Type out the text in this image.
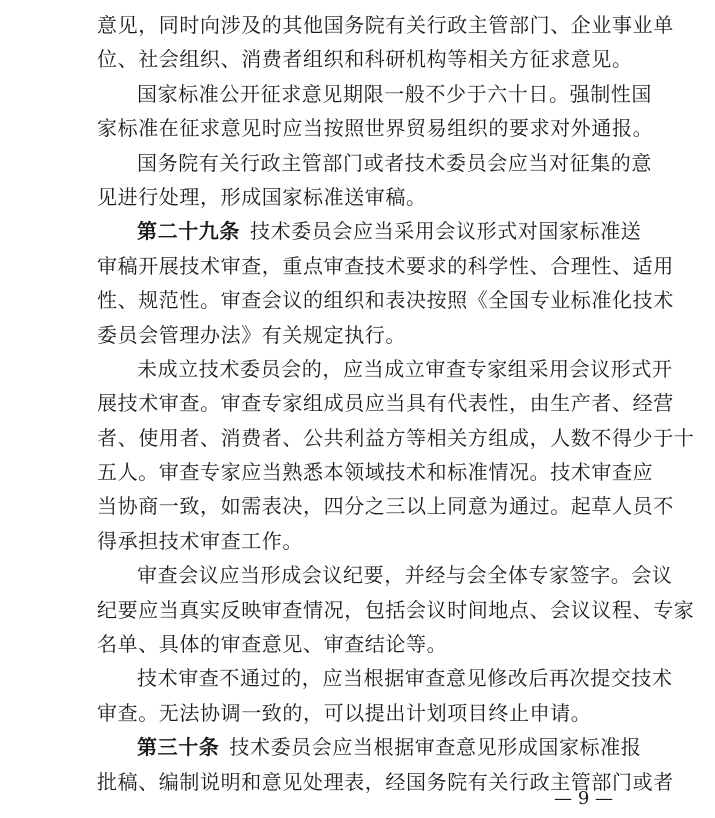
意见，同时向涉及的其他国务院有关行政主管部门、企业事业单
位、社会组织、消费者组织和科研机构等相关方征求意见。
国家标准公开征求意见期限一般不少于六十日。强制性国
家标准在征求意见时应当按照世界贸易组织的要求对外通报。
国务院有关行政主管部门或者技术委员会应当对征集的意
见进行处理，形成国家标准送审稿。
第二十九条 技术委员会应当采用会议形式对国家标准送
审稿开展技术审查，重点审查技术要求的科学性、合理性、适用
性、规范性。审查会议的组织和表决按照《全国专业标准化技术
委员会管理办法》有关规定执行。
未成立技术委员会的，应当成立审查专家组采用会议形式开
展技术审查。审查专家组成员应当具有代表性，由生产者、经营
者、使用者、消费者、公共利益方等相关方组成，人数不得少于十
五人。审查专家应当熟悉本领域技术和标准情况。技术审查应
当协商一致，如需表决，四分之三以上同意为通过。起草人员不
得承担技术审查工作。
审查会议应当形成会议纪要，并经与会全体专家签字。会议
纪要应当真实反映审查情况，包括会议时间地点、会议议程、专家
名单、具体的审查意见、审查结论等。
技术审查不通过的，应当根据审查意见修改后再次提交技术
审查。无法协调一致的，可以提出计划项目终止申请。
第三十条 技术委员会应当根据审查意见形成国家标准报
批稿、编制说明和意见处理表，经国务院有关行政主管部门或者
— 9 —
